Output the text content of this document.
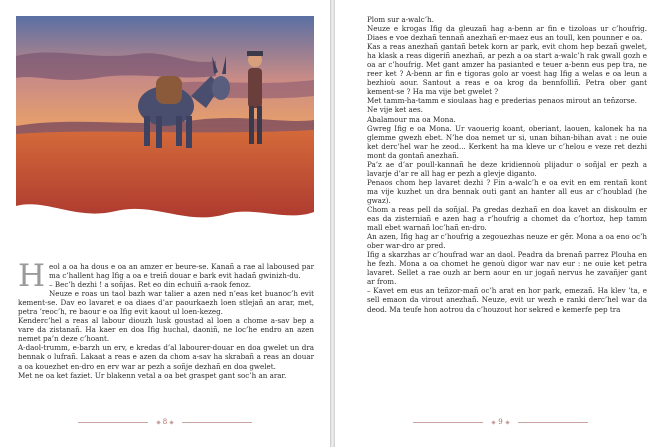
Heol a oa ha dous e oa an amzer er beure-se. Kanañ a rae al laboused par ma c’hallent hag Ifig a oa e treiñ douar e bark evit hadañ gwinizh-du.

– Bec’h dezhi ! a soñjas. Ret eo din echuiñ a-raok fenoz.

Neuze e roas un taol bazh war talier a azen ned n’eas ket buanoc’h evit kement-se. Dav eo lavaret e oa diaes d’ar paourkaezh loen stlejañ an arar, met, petra ’reoc’h, re baour e oa Ifig evit kaout ul loen-kezeg.

Kenderc’hel a reas al labour diouzh lusk goustad al loen a chome a-sav bep a vare da zistanañ. Ha kaer en doa Ifig huchal, daoniñ, ne loc’he endro an azen nemet pa’n deze c’hoant.

A-daol-trumm, e-barzh un erv, e kredas d’al labourer-douar en doa gwelet un dra bennak o lufrañ. Lakaat a reas e azen da chom a-sav ha skrabañ a reas an douar a oa kouezhet en-dro en erv war ar pezh a soñje dezhañ en doa gwelet.

Met ne oa ket faziet. Ur blakenn vetal a oa bet graspet gant soc’h an arar.

8

Plom sur a-walc’h.

Neuze e krogas Ifig da gleuzañ hag a-benn ar fin e tizoloas ur c’houfrig. Diaes e voe dezhañ tennañ anezhañ er-maez eus an toull, ken pounner e oa.

Kas a reas anezhañ gantañ betek korn ar park, evit chom hep bezañ gwelet, ha klask a reas digeriñ anezhañ, ar pezh a oa start a-walc’h rak gwall gozh e oa ar c’houfrig. Met gant amzer ha pasianted e teuer a-benn eus pep tra, ne reer ket ? A-benn ar fin e tigoras golo ar voest hag Ifig a welas e oa leun a bezhioù aour. Santout a reas e oa krog da bennfolliñ. Petra ober gant kement-se ? Ha ma vije bet gwelet ?

Met tamm-ha-tamm e sioulaas hag e prederias penaos mirout an teñzorse.

Ne vije ket aes.

Abalamour ma oa Mona.

Gwreg Ifig e oa Mona. Ur vaouerig koant, oberiant, laouen, kalonek ha na glemme gwezh ebet. N’he doa nemet ur si, unan bihan-bihan avat : ne ouie ket derc’hel war he zeod... Kerkent ha ma kleve ur c’helou e veze ret dezhi mont da gontañ anezhañ.

Pa’z ae d’ar poull-kannañ he deze kridiennoù plijadur o soñjal er pezh a lavarje d’ar re all hag er pezh a glevje diganto.

Penaos chom hep lavaret dezhi ? Fin a-walc’h e oa evit en em rentañ kont ma vije kuzhet un dra bennak outi gant an hanter all eus ar c’houblad (he gwaz).

Chom a reas pell da soñjal. Pa gredas dezhañ en doa kavet an diskoulm er eas da zisterniañ e azen hag a r’houfrig a chomet da c’hortoz, hep tamm mall ebet warnañ loc’hañ en-dro.

An azen, Ifig hag ar c’houfrig a zegouezhas neuze er gêr. Mona a oa eno oc’h ober war-dro ar pred.

Ifig a skarzhas ar c’houfrad war an daol. Peadra da brenañ parrez Plouha en he fezh. Mona a oa chomet he genoù digor war nav eur : ne ouie ket petra lavaret. Sellet a rae ouzh ar bern aour en ur jogañ nervus he zavañjer gant ar from.

– Kavet em eus an teñzor-mañ oc’h arat en hor park, emezañ. Ha klev ’ta, e sell emaon da virout anezhañ. Neuze, evit ur wezh e ranki derc’hel war da deod. Ma teufe hon aotrou da c’houzout hor sekred e kemerfe pep tra

9
